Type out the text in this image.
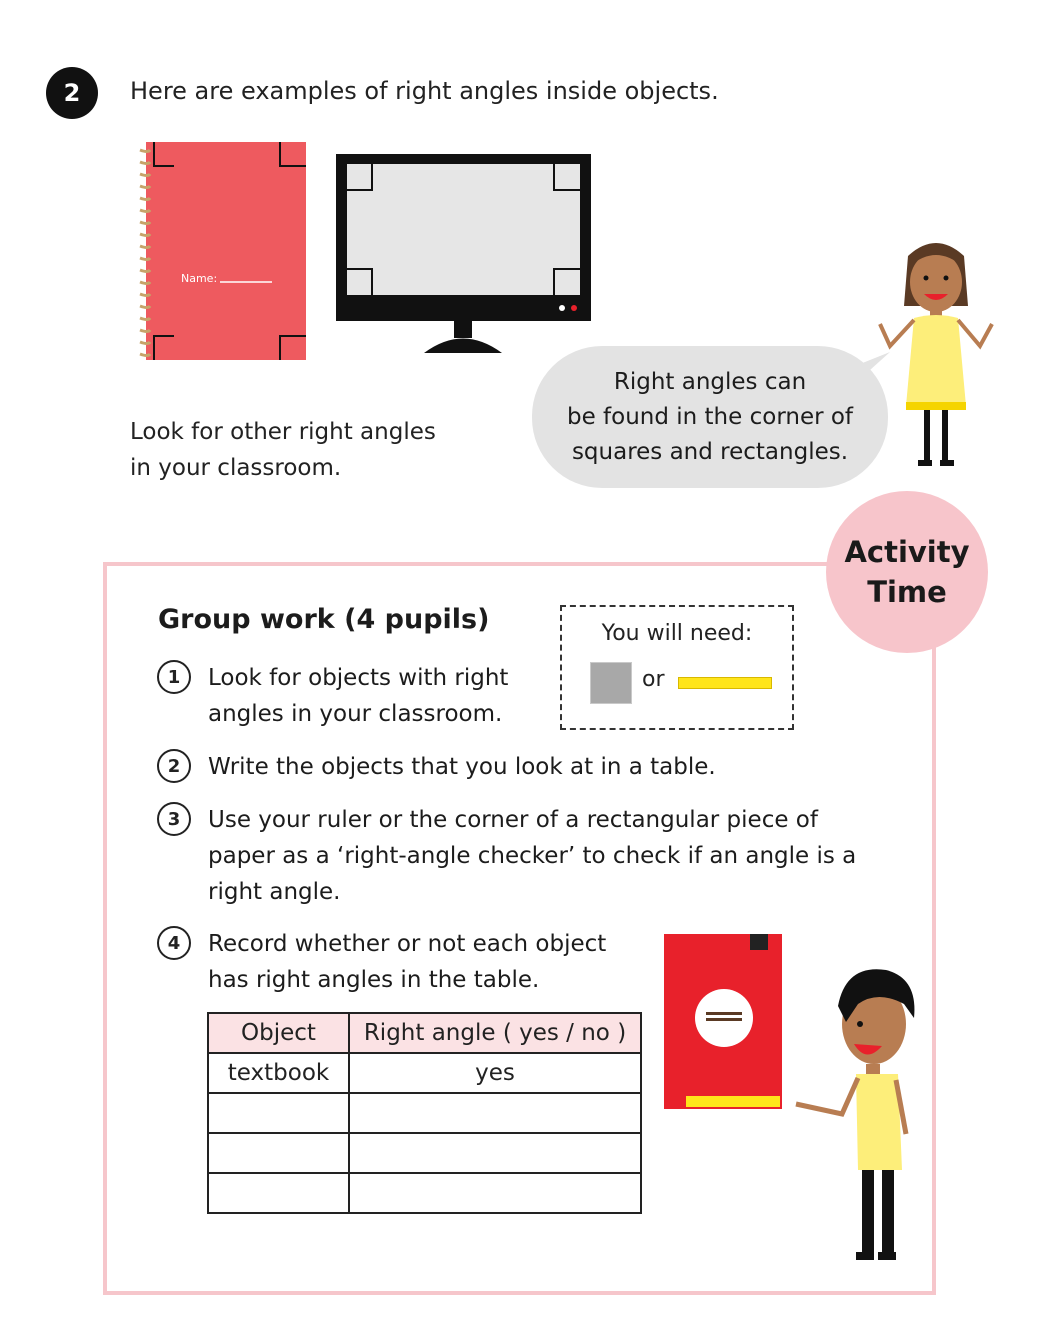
2	Here are examples of right angles inside objects.
Name:
Look for other right angles
in your classroom.
Right angles can
be found in the corner of
squares and rectangles.
Activity
Time
Group work (4 pupils)	You will need:
or
1	Look for objects with right
angles in your classroom.
2	Write the objects that you look at in a table.
3	Use your ruler or the corner of a rectangular piece of
paper as a ‘right-angle checker’ to check if an angle is a
right angle.
4	Record whether or not each object
has right angles in the table.
Object	Right angle ( yes / no )
textbook	yes
